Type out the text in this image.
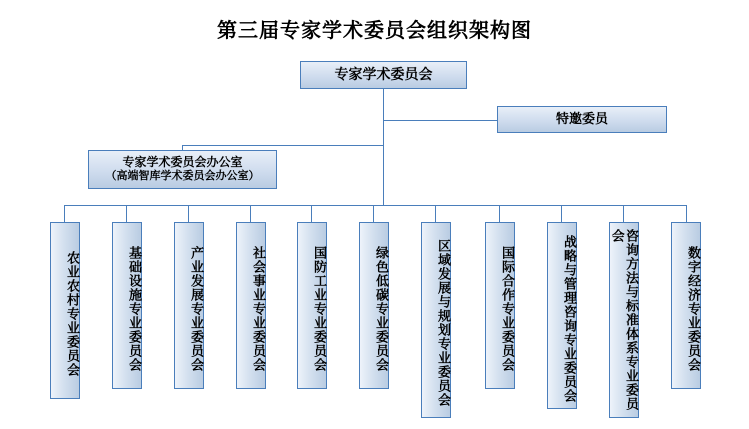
第三届专家学术委员会组织架构图
专家学术委员会
特邀委员
专家学术委员会办公室
（高端智库学术委员会办公室）
农业农村专业委员会	基础设施专业委员会	产业发展专业委员会	社会事业专业委员会	国防工业专业委员会	绿色低碳专业委员会	区域发展与规划专业委员会	国际合作专业委员会	战略与管理咨询专业委员会	咨询方法与标准体系专业委员会
数字经济专业委员会
